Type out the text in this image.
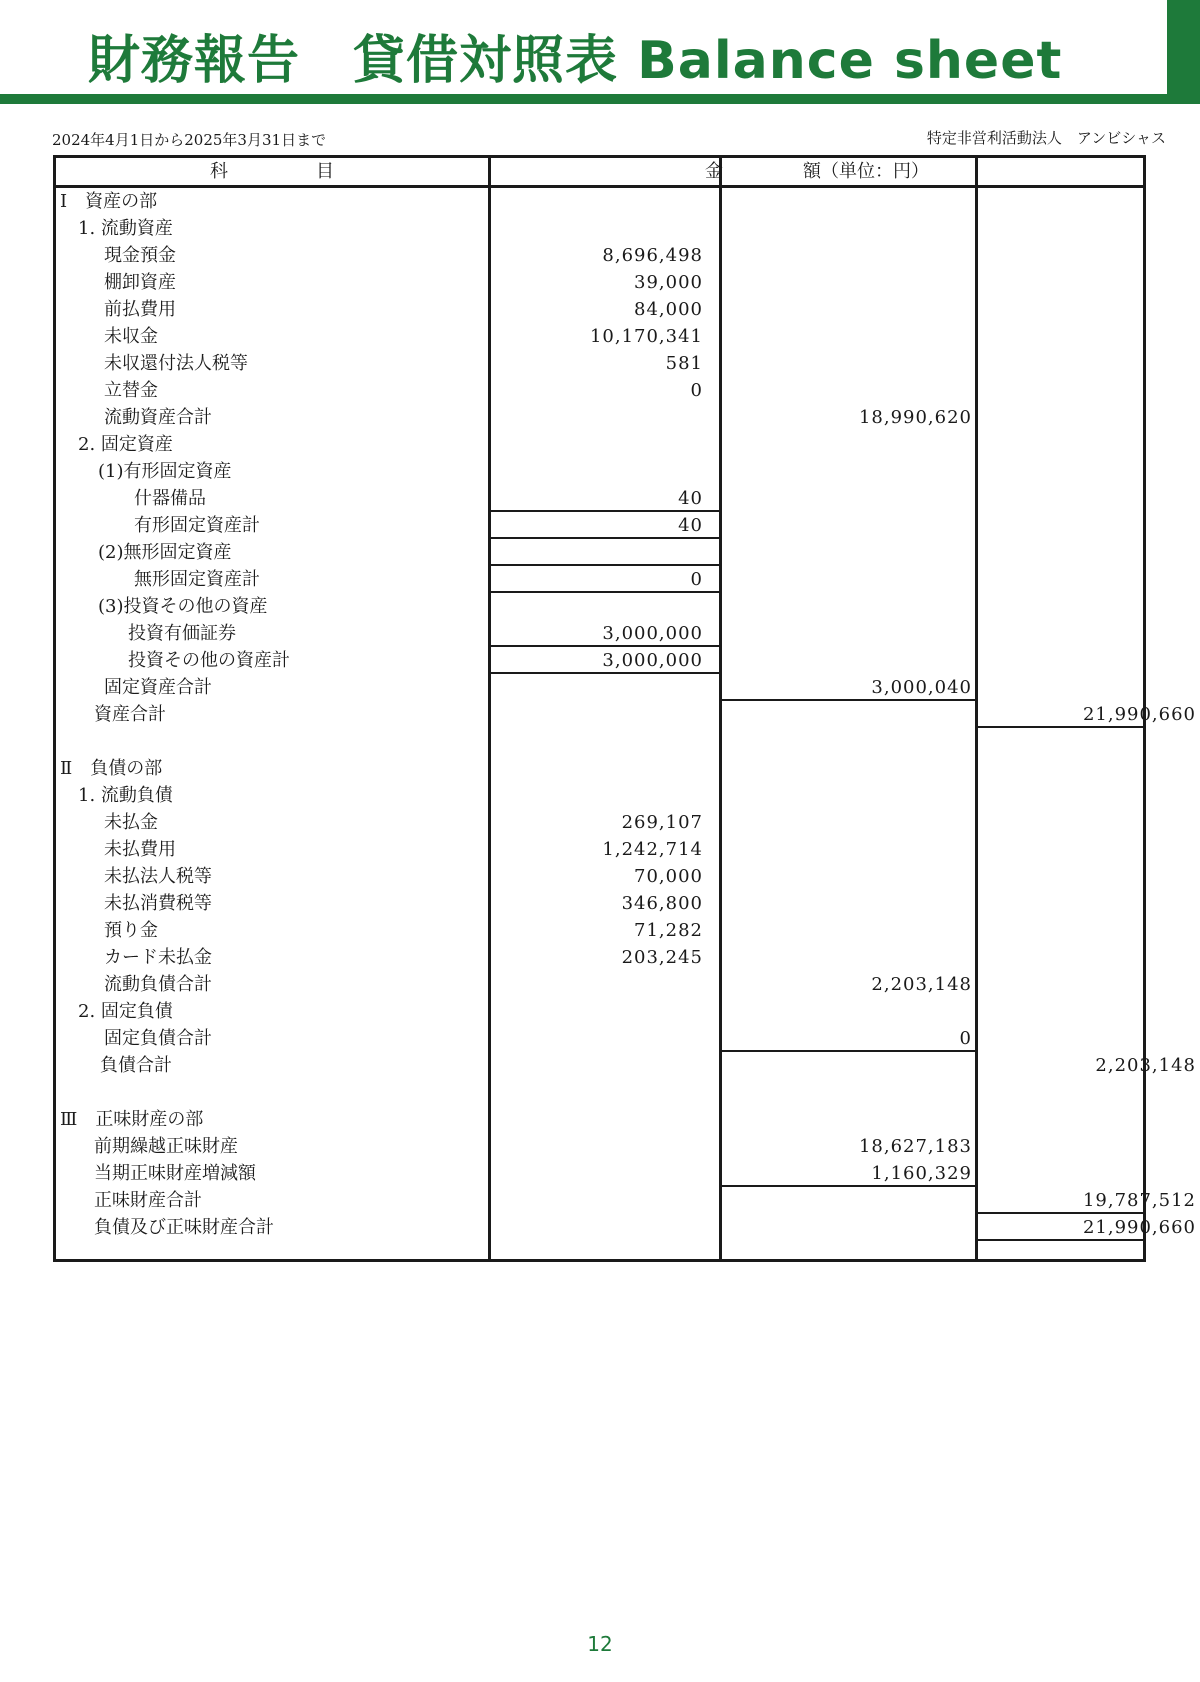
財務報告　貸借対照表 Balance sheet
2024年4月1日から2025年3月31日まで	特定非営利活動法人　アンビシャス
科	目	金	額（単位：円）
Ⅰ　資産の部
1. 流動資産
現金預金	8,696,498
棚卸資産	39,000
前払費用	84,000
未収金	10,170,341
未収還付法人税等	581
立替金	0
流動資産合計	18,990,620
2. 固定資産
(1)有形固定資産
什器備品	40
有形固定資産計	40
(2)無形固定資産
無形固定資産計	0
(3)投資その他の資産
投資有価証券	3,000,000
投資その他の資産計	3,000,000
固定資産合計	3,000,040
資産合計	21,990,660
Ⅱ　負債の部
1. 流動負債
未払金	269,107
未払費用	1,242,714
未払法人税等	70,000
未払消費税等	346,800
預り金	71,282
カード未払金	203,245
流動負債合計	2,203,148
2. 固定負債
固定負債合計	0
負債合計	2,203,148
Ⅲ　正味財産の部
前期繰越正味財産	18,627,183
当期正味財産増減額	1,160,329
正味財産合計	19,787,512
負債及び正味財産合計	21,990,660
12
